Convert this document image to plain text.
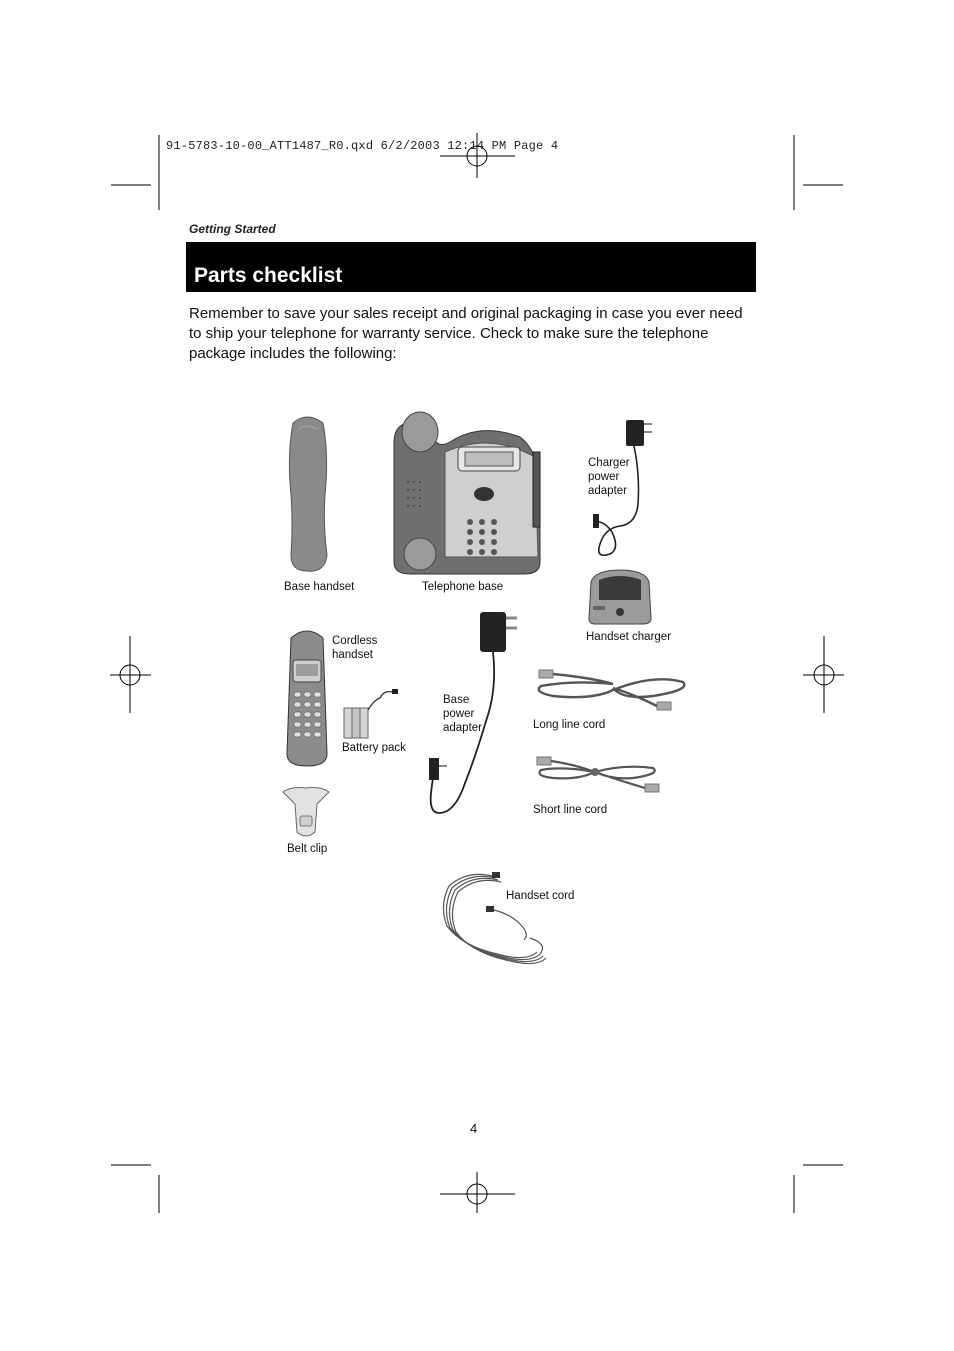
91-5783-10-00_ATT1487_R0.qxd 6/2/2003 12:14 PM Page 4
Getting Started
Parts checklist
Remember to save your sales receipt and original packaging in case you ever need to ship your telephone for warranty service. Check to make sure the telephone package includes the following:
Base handset	Telephone base
Charger
power
adapter
Handset charger
Cordless
handset
Battery pack
Base
power
adapter	Long line cord
Short line cord
Belt clip
Handset cord
4
